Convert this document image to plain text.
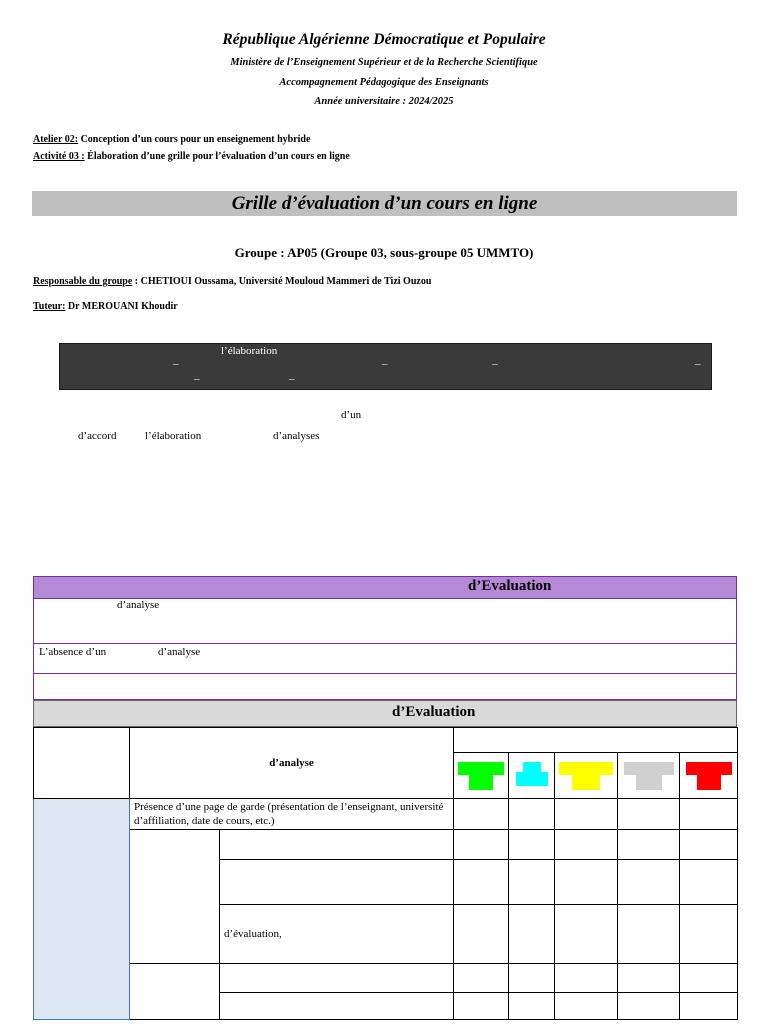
République Algérienne Démocratique et Populaire
Ministère de l’Enseignement Supérieur et de la Recherche Scientifique
Accompagnement Pédagogique des Enseignants
Année universitaire : 2024/2025
Atelier 02: Conception d’un cours pour un enseignement hybride
Activité 03 : Élaboration d’une grille pour l’évaluation d’un cours en ligne
Grille d’évaluation d’un cours en ligne
Groupe : AP05 (Groupe 03, sous-groupe 05 UMMTO)
Responsable du groupe : CHETIOUI Oussama, Université Mouloud Mammeri de Tizi Ouzou
Tuteur: Dr MEROUANI Khoudir
l’élaboration
–
–	–
–	–	–
d’un
d’accord	l’élaboration	d’analyses
d’Evaluation
d’analyse
L’absence d’un	d’analyse
d’Evaluation
	d’analyse						

	Présence d’une page de garde (présentation de l’enseignant, université d’affiliation, date de cours, etc.)						

		d’évaluation,					
